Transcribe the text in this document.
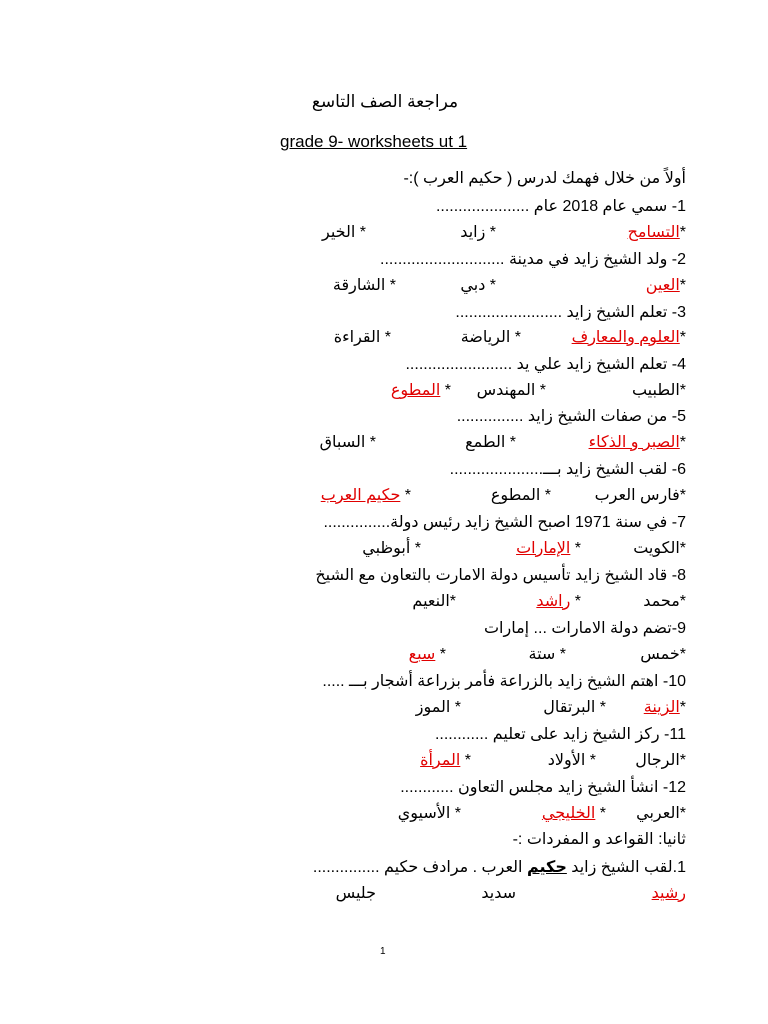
مراجعة الصف التاسع
grade 9- worksheets ut 1
أولاً من خلال فهمك لدرس ( حكيم العرب ):-
1- سمي عام 2018 عام .....................
*التسامح
* زايد
* الخير
2- ولد الشيخ زايد في مدينة ............................
*العين
* دبي
* الشارقة
3- تعلم الشيخ زايد ........................
*العلوم والمعارف
* الرياضة
* القراءة
4- تعلم الشيخ زايد علي يد ........................
*الطبيب
* المهندس
* المطوع
5- من صفات الشيخ زايد ...............
*الصبر و الذكاء
* الطمع
* السباق
6- لقب الشيخ زايد بـــ.....................
*فارس العرب
* المطوع
* حكيم العرب
7- في سنة 1971 اصبح الشيخ زايد رئيس دولة...............
*الكويت
* الإمارات
* أبوظبي
8- قاد الشيخ زايد تأسيس دولة الامارت بالتعاون مع الشيخ
*محمد
* راشد
*النعيم
9-تضم دولة الامارات ... إمارات
*خمس
* ستة
* سبع
10- اهتم الشيخ زايد بالزراعة فأمر بزراعة أشجار بـــ .....
*الزينة
* البرتقال
* الموز
11- ركز الشيخ زايد على تعليم ............
*الرجال
* الأولاد
* المرأة
12- انشأ الشيخ زايد مجلس التعاون ............
*العربي
* الخليجي
* الأسيوي
ثانيا: القواعد و المفردات :-
1.لقب الشيخ زايد حكيم العرب . مرادف حكيم ...............
رشيد
سديد
جليس
1
